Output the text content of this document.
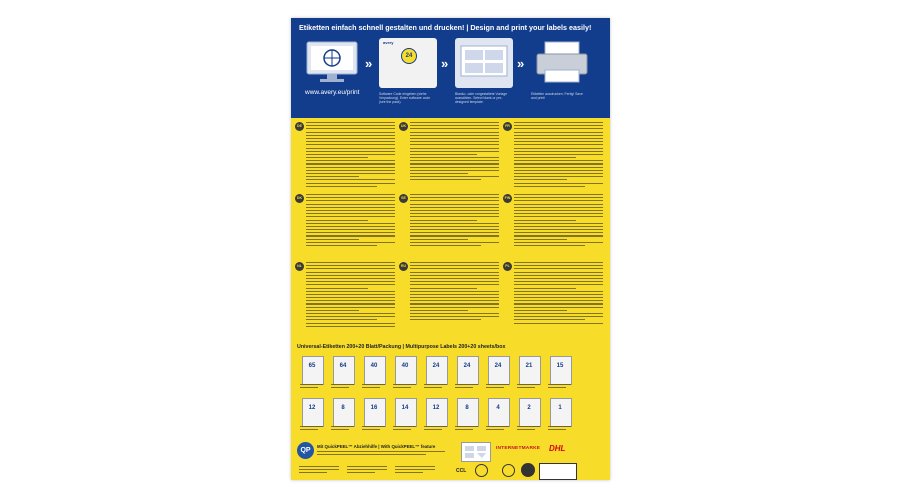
Etiketten einfach schnell gestalten und drucken! | Design and print your labels easily!
»	24
avery
»	»
www.avery.eu/print	Software Code eingeben (siehe Verpackung). Enter software code (see the pack).
Blanko- oder vorgestaltete Vorlage auswählen. Select blank or pre-designed template.
Etiketten ausdrucken. Fertig! Save and print!
DE	UK	FR
DK	SE	FIN
NL	RU	PL
Universal-Etiketten 200+20 Blatt/Packung | Multipurpose Labels 200+20 sheets/box
65	64	40	40	24	24	24	21	15
12	8	16	14	12	8	4	2	1
QP
Mit QuickPEEL™ Abziehhilfe | With QuickPEEL™ feature	INTERNETMARKE DHL
CCL
